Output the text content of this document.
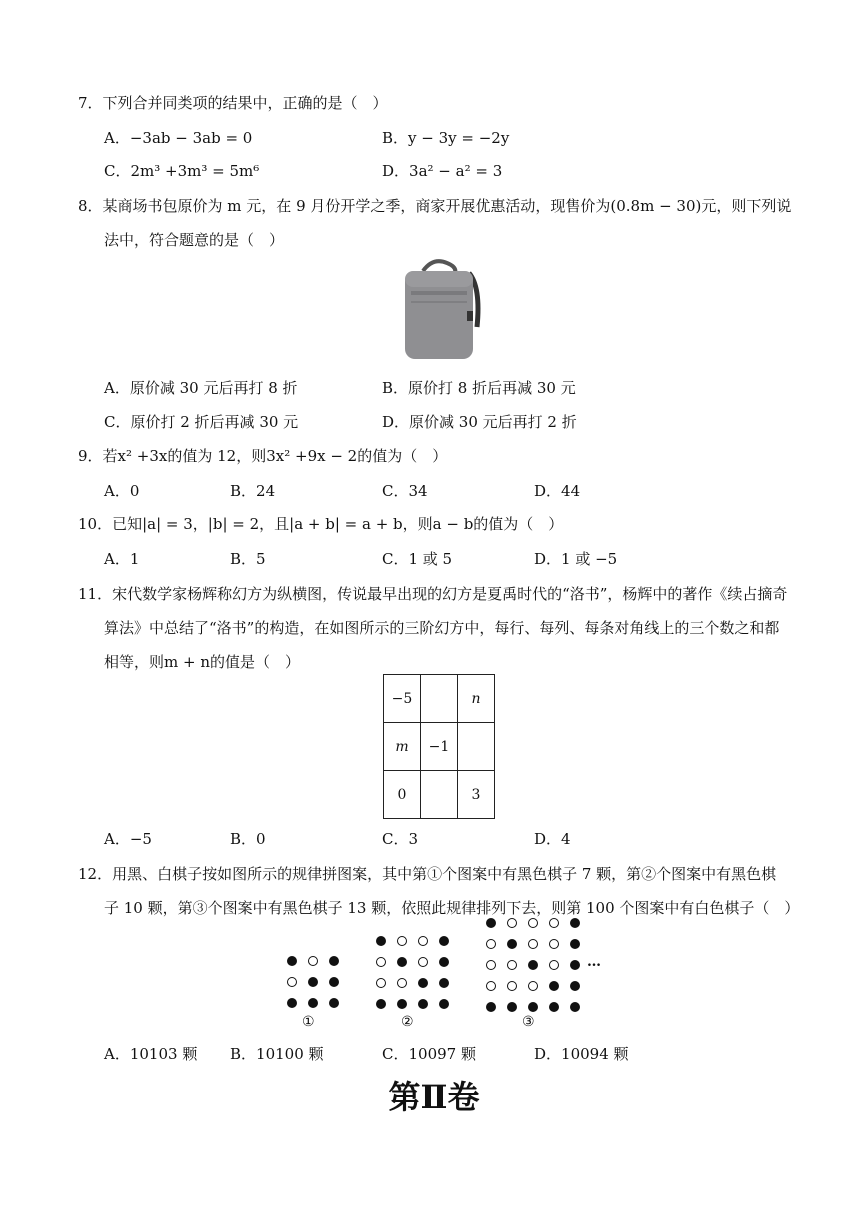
7．下列合并同类项的结果中，正确的是（　）
A．−3ab − 3ab = 0	B．y − 3y = −2y
C．2m³ +3m³ = 5m⁶	D．3a² − a² = 3
8．某商场书包原价为 m 元，在 9 月份开学之季，商家开展优惠活动，现售价为(0.8m − 30)元，则下列说
法中，符合题意的是（　）
A．原价减 30 元后再打 8 折	B．原价打 8 折后再减 30 元
C．原价打 2 折后再减 30 元	D．原价减 30 元后再打 2 折
9．若x² +3x的值为 12，则3x² +9x − 2的值为（　）
A．0	B．24	C．34	D．44
10．已知|a| = 3，|b| = 2，且|a + b| = a + b，则a − b的值为（　）
A．1	B．5	C．1 或 5	D．1 或 −5
11．宋代数学家杨辉称幻方为纵横图，传说最早出现的幻方是夏禹时代的“洛书”，杨辉中的著作《续占摘奇
算法》中总结了“洛书”的构造，在如图所示的三阶幻方中，每行、每列、每条对角线上的三个数之和都
相等，则m + n的值是（　）
−5		n
m	−1	
0		3
A．−5	B．0	C．3	D．4
12．用黑、白棋子按如图所示的规律拼图案，其中第①个图案中有黑色棋子 7 颗，第②个图案中有黑色棋
子 10 颗，第③个图案中有黑色棋子 13 颗，依照此规律排列下去，则第 100 个图案中有白色棋子（　）
①	②	③
…
A．10103 颗 B．10100 颗	C．10097 颗	D．10094 颗
第Ⅱ卷
